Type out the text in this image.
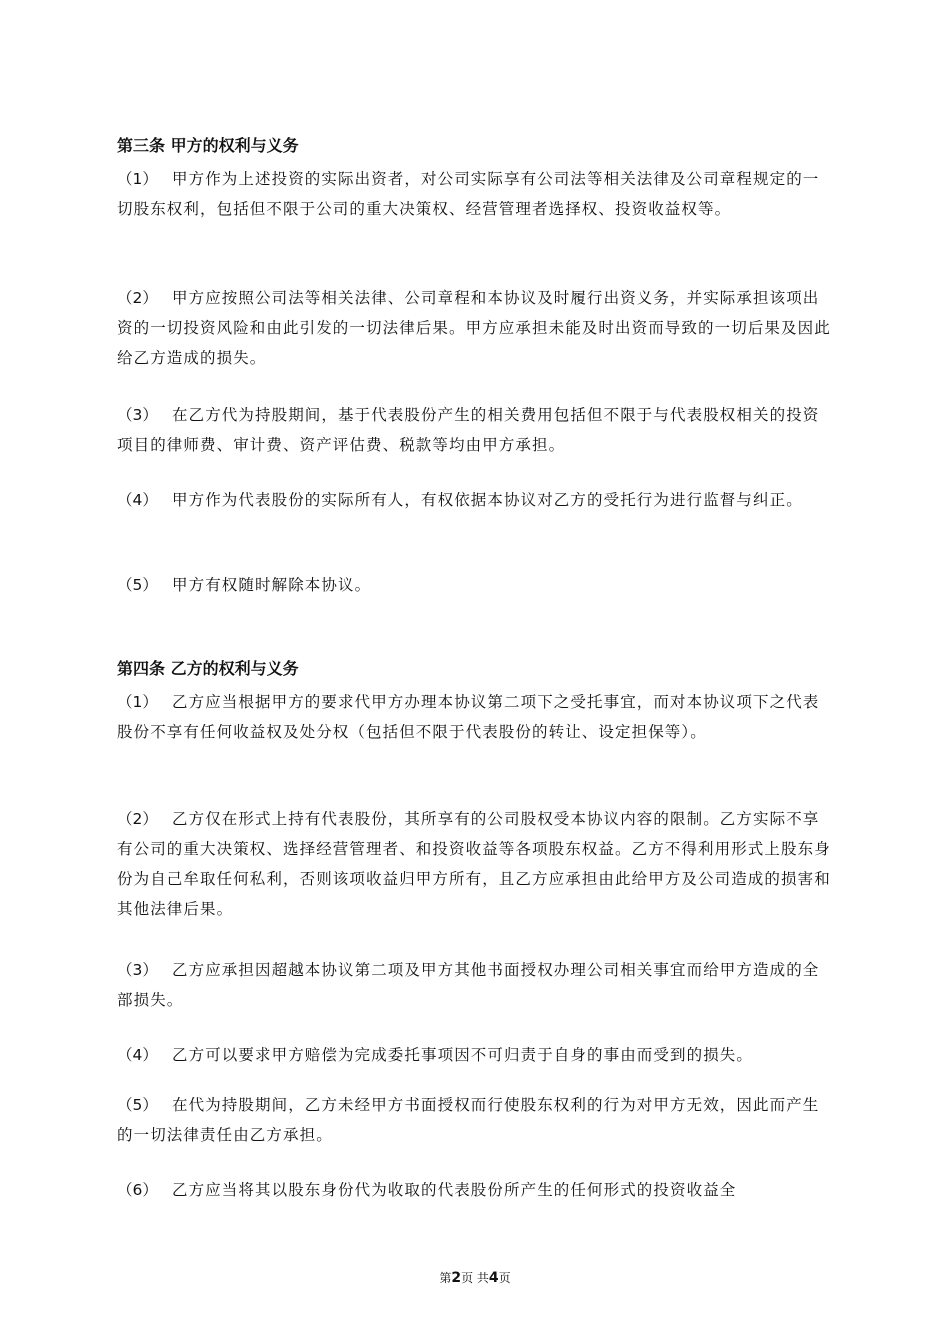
第三条 甲方的权利与义务

（1） 甲方作为上述投资的实际出资者，对公司实际享有公司法等相关法律及公司章程规定的一切股东权利，包括但不限于公司的重大决策权、经营管理者选择权、投资收益权等。

（2） 甲方应按照公司法等相关法律、公司章程和本协议及时履行出资义务，并实际承担该项出资的一切投资风险和由此引发的一切法律后果。甲方应承担未能及时出资而导致的一切后果及因此给乙方造成的损失。

（3） 在乙方代为持股期间，基于代表股份产生的相关费用包括但不限于与代表股权相关的投资项目的律师费、审计费、资产评估费、税款等均由甲方承担。

（4） 甲方作为代表股份的实际所有人，有权依据本协议对乙方的受托行为进行监督与纠正。

（5） 甲方有权随时解除本协议。

第四条 乙方的权利与义务

（1） 乙方应当根据甲方的要求代甲方办理本协议第二项下之受托事宜，而对本协议项下之代表股份不享有任何收益权及处分权（包括但不限于代表股份的转让、设定担保等）。

（2） 乙方仅在形式上持有代表股份，其所享有的公司股权受本协议内容的限制。乙方实际不享有公司的重大决策权、选择经营管理者、和投资收益等各项股东权益。乙方不得利用形式上股东身份为自己牟取任何私利，否则该项收益归甲方所有，且乙方应承担由此给甲方及公司造成的损害和其他法律后果。

（3） 乙方应承担因超越本协议第二项及甲方其他书面授权办理公司相关事宜而给甲方造成的全部损失。

（4） 乙方可以要求甲方赔偿为完成委托事项因不可归责于自身的事由而受到的损失。

（5） 在代为持股期间，乙方未经甲方书面授权而行使股东权利的行为对甲方无效，因此而产生的一切法律责任由乙方承担。

（6） 乙方应当将其以股东身份代为收取的代表股份所产生的任何形式的投资收益全

第2页 共4页
